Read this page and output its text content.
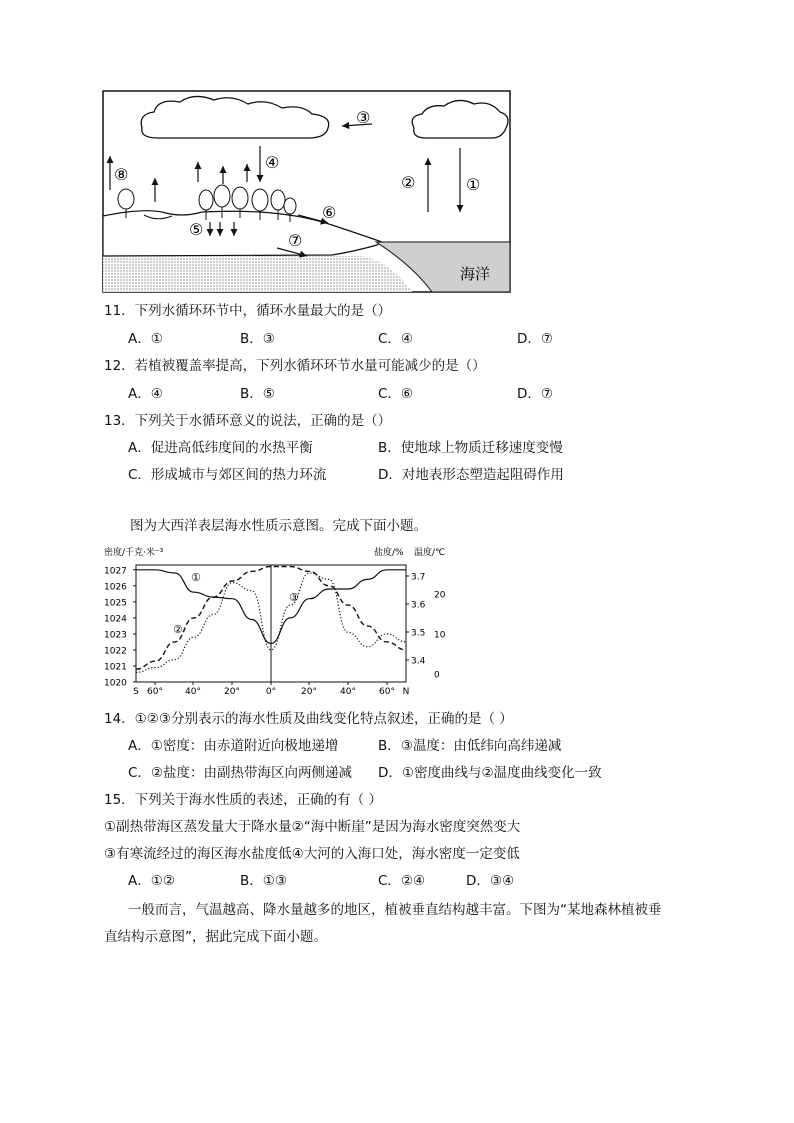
③
④
⑧	②	①
⑥
⑤
⑦
海洋
11．下列水循环环节中，循环水量最大的是（）
A．①	B．③	C．④	D．⑦
12．若植被覆盖率提高，下列水循环环节水量可能减少的是（）
A．④	B．⑤	C．⑥	D．⑦
13．下列关于水循环意义的说法，正确的是（）
A．促进高低纬度间的水热平衡	B．使地球上物质迁移速度变慢
C．形成城市与郊区间的热力环流	D．对地表形态塑造起阻碍作用
图为大西洋表层海水性质示意图。完成下面小题。
密度/千克·米⁻³	盐度/% 温度/℃
1027
1026
1025
1024
1023
1022
1021
1020
3.7
3.6
3.5
3.4
20
10
0
S 60° 40°	20°	0°	20°	40°	60° N
①
②
③
14．①②③分别表示的海水性质及曲线变化特点叙述，正确的是（ ）
A．①密度：由赤道附近向极地递增	B．③温度：由低纬向高纬递减
C．②盐度：由副热带海区向两侧递减 D．①密度曲线与②温度曲线变化一致
15．下列关于海水性质的表述，正确的有（ ）
①副热带海区蒸发量大于降水量②“海中断崖”是因为海水密度突然变大
③有寒流经过的海区海水盐度低④大河的入海口处，海水密度一定变低
A．①②	B．①③	C．②④	D．③④
一般而言，气温越高、降水量越多的地区，植被垂直结构越丰富。下图为“某地森林植被垂
直结构示意图”，据此完成下面小题。
